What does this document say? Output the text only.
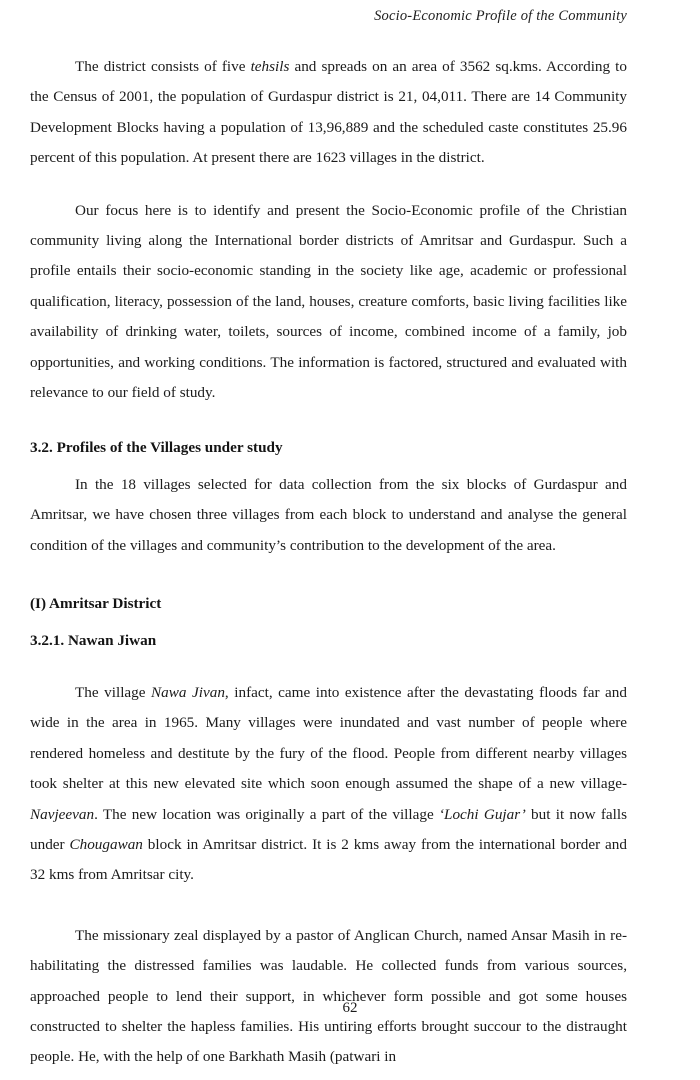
Socio-Economic Profile of the Community

The district consists of five tehsils and spreads on an area of 3562 sq.kms. According to the Census of 2001, the population of Gurdaspur district is 21, 04,011. There are 14 Community Development Blocks having a population of 13,96,889 and the scheduled caste constitutes 25.96 percent of this population. At present there are 1623 villages in the district.

Our focus here is to identify and present the Socio-Economic profile of the Christian community living along the International border districts of Amritsar and Gurdaspur. Such a profile entails their socio-economic standing in the society like age, academic or professional qualification, literacy, possession of the land, houses, creature comforts, basic living facilities like availability of drinking water, toilets, sources of income, combined income of a family, job opportunities, and working conditions. The information is factored, structured and evaluated with relevance to our field of study.

3.2. Profiles of the Villages under study

In the 18 villages selected for data collection from the six blocks of Gurdaspur and Amritsar, we have chosen three villages from each block to understand and analyse the general condition of the villages and community’s contribution to the development of the area.

(I) Amritsar District
3.2.1. Nawan Jiwan

The village Nawa Jivan, infact, came into existence after the devastating floods far and wide in the area in 1965. Many villages were inundated and vast number of people where rendered homeless and destitute by the fury of the flood. People from different nearby villages took shelter at this new elevated site which soon enough assumed the shape of a new village-Navjeevan. The new location was originally a part of the village ‘Lochi Gujar’ but it now falls under Chougawan block in Amritsar district. It is 2 kms away from the international border and 32 kms from Amritsar city.

The missionary zeal displayed by a pastor of Anglican Church, named Ansar Masih in re-habilitating the distressed families was laudable. He collected funds from various sources, approached people to lend their support, in whichever form possible and got some houses constructed to shelter the hapless families. His untiring efforts brought succour to the distraught people. He, with the help of one Barkhath Masih (patwari in

62
